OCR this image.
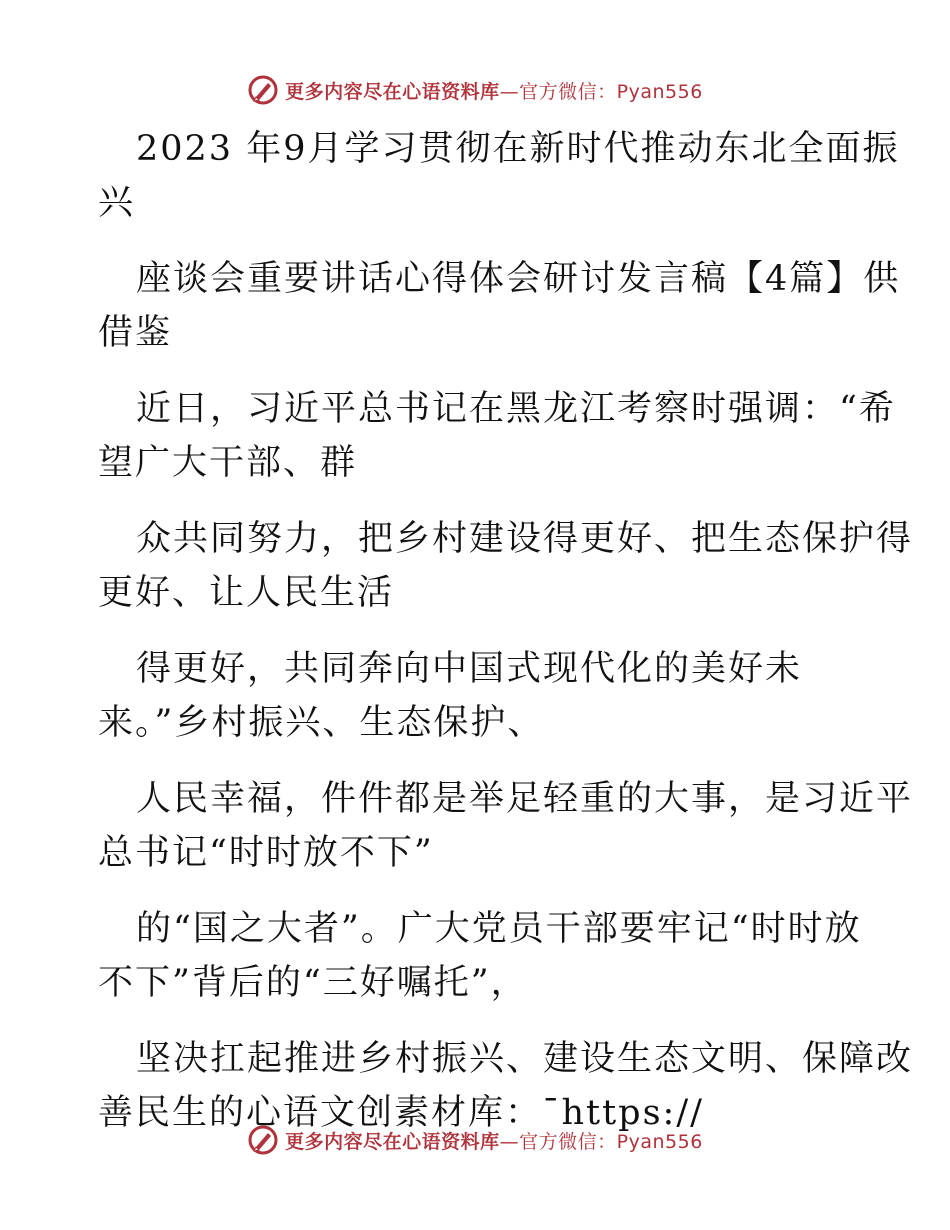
更多内容尽在心语资料库—官方微信：Pyan556
2023 年9月学习贯彻在新时代推动东北全面振
兴
座谈会重要讲话心得体会研讨发言稿【4篇】供
借鉴
近日，习近平总书记在黑龙江考察时强调：“希
望广大干部、群
众共同努力，把乡村建设得更好、把生态保护得
更好、让人民生活
得更好，共同奔向中国式现代化的美好未
来。”乡村振兴、生态保护、
人民幸福，件件都是举足轻重的大事，是习近平
总书记“时时放不下”
的“国之大者”。广大党员干部要牢记“时时放
不下”背后的“三好嘱托”，
坚决扛起推进乡村振兴、建设生态文明、保障改
善民生的心语文创素材库：¯https://
更多内容尽在心语资料库—官方微信：Pyan556
